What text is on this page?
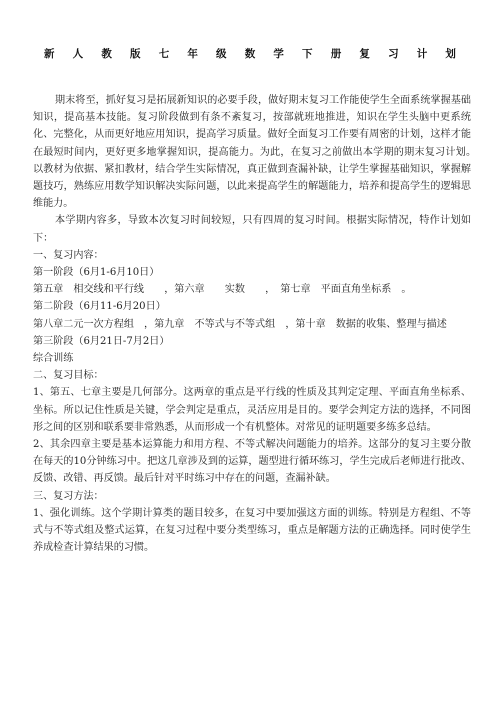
新 人 教 版 七 年 级 数 学 下 册 复 习 计 划

期末将至，抓好复习是拓展新知识的必要手段，做好期末复习工作能使学生全面系统掌握基础知识，提高基本技能。复习阶段做到有条不紊复习，按部就班地推进，知识在学生头脑中更系统化、完整化，从而更好地应用知识，提高学习质量。做好全面复习工作要有周密的计划，这样才能在最短时间内，更好更多地掌握知识，提高能力。为此，在复习之前做出本学期的期末复习计划。　以教材为依据、紧扣教材，结合学生实际情况，真正做到查漏补缺，让学生掌握基础知识，掌握解题技巧，熟练应用数学知识解决实际问题，以此来提高学生的解题能力，培养和提高学生的逻辑思维能力。

本学期内容多，导致本次复习时间较短，只有四周的复习时间。根据实际情况，特作计划如下：

一、复习内容：

第一阶段（6月1-6月10日）

第五章　相交线和平行线　　，第六章　　实数　　，　第七章　平面直角坐标系　。

第二阶段（6月11-6月20日）

第八章二元一次方程组　，第九章　不等式与不等式组　，第十章　数据的收集、整理与描述

第三阶段（6月21日-7月2日）

综合训练

二、复习目标：

1、第五、七章主要是几何部分。这两章的重点是平行线的性质及其判定定理、平面直角坐标系、坐标。所以记住性质是关键，学会判定是重点，灵活应用是目的。要学会判定方法的选择，不同图形之间的区别和联系要非常熟悉，从而形成一个有机整体。对常见的证明题要多练多总结。

2、其余四章主要是基本运算能力和用方程、不等式解决问题能力的培养。这部分的复习主要分散在每天的10分钟练习中。把这几章涉及到的运算，题型进行循环练习，学生完成后老师进行批改、反馈、改错、再反馈。最后针对平时练习中存在的问题，查漏补缺。

三、复习方法：

1、强化训练。这个学期计算类的题目较多，在复习中要加强这方面的训练。特别是方程组、不等式与不等式组及整式运算，在复习过程中要分类型练习，重点是解题方法的正确选择。同时使学生养成检查计算结果的习惯。
